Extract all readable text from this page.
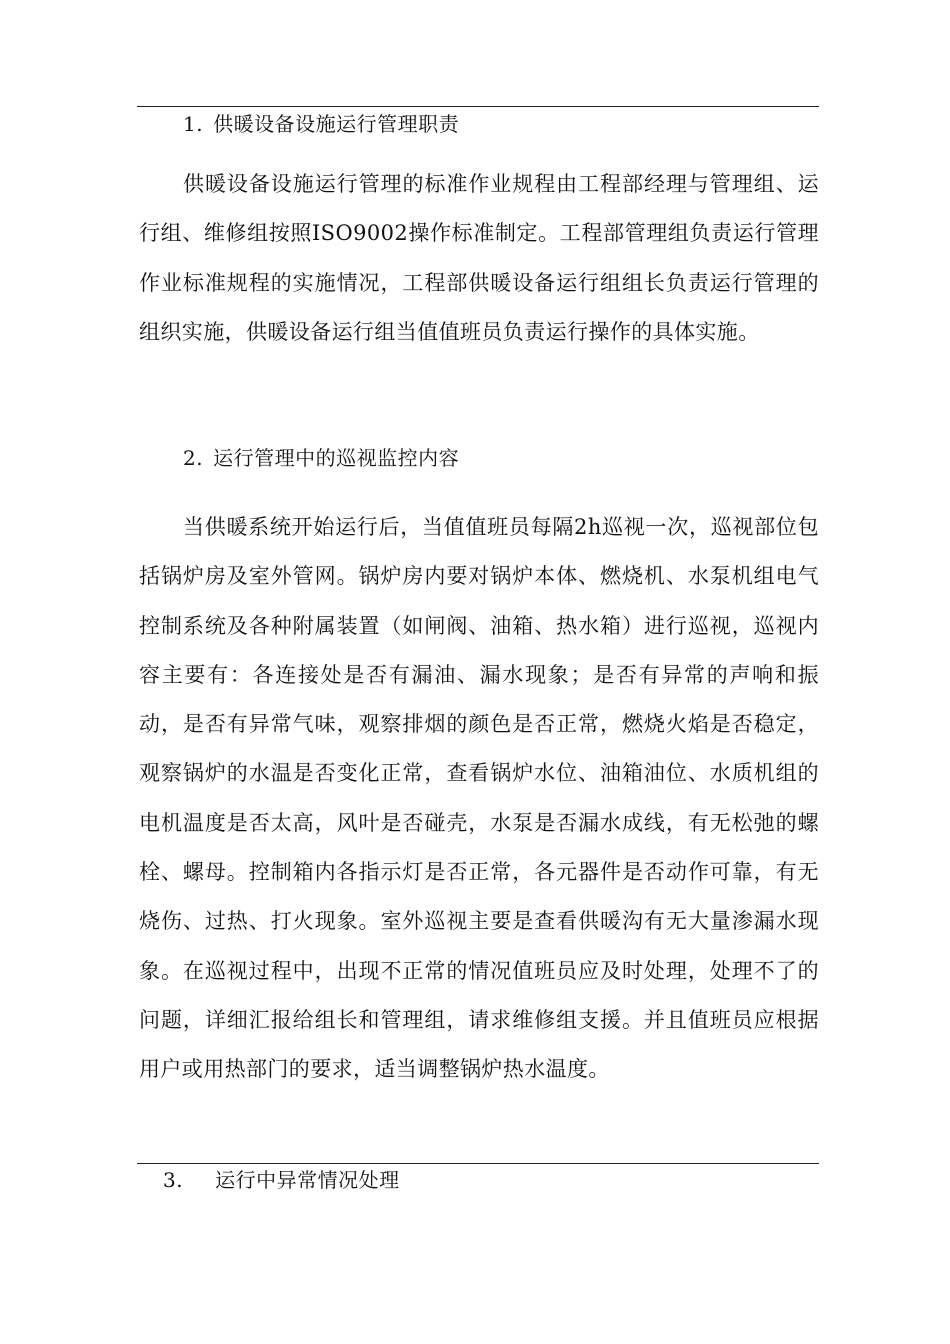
1. 供暖设备设施运行管理职责

供暖设备设施运行管理的标准作业规程由工程部经理与管理组、运行组、维修组按照ISO9002操作标准制定。工程部管理组负责运行管理作业标准规程的实施情况，工程部供暖设备运行组组长负责运行管理的组织实施，供暖设备运行组当值值班员负责运行操作的具体实施。

2. 运行管理中的巡视监控内容

当供暖系统开始运行后，当值值班员每隔2h巡视一次，巡视部位包括锅炉房及室外管网。锅炉房内要对锅炉本体、燃烧机、水泵机组电气控制系统及各种附属装置（如闸阀、油箱、热水箱）进行巡视，巡视内容主要有：各连接处是否有漏油、漏水现象；是否有异常的声响和振动，是否有异常气味，观察排烟的颜色是否正常，燃烧火焰是否稳定，观察锅炉的水温是否变化正常，查看锅炉水位、油箱油位、水质机组的电机温度是否太高，风叶是否碰壳，水泵是否漏水成线，有无松弛的螺栓、螺母。控制箱内各指示灯是否正常，各元器件是否动作可靠，有无烧伤、过热、打火现象。室外巡视主要是查看供暖沟有无大量渗漏水现象。在巡视过程中，出现不正常的情况值班员应及时处理，处理不了的问题，详细汇报给组长和管理组，请求维修组支援。并且值班员应根据用户或用热部门的要求，适当调整锅炉热水温度。

3. 运行中异常情况处理
